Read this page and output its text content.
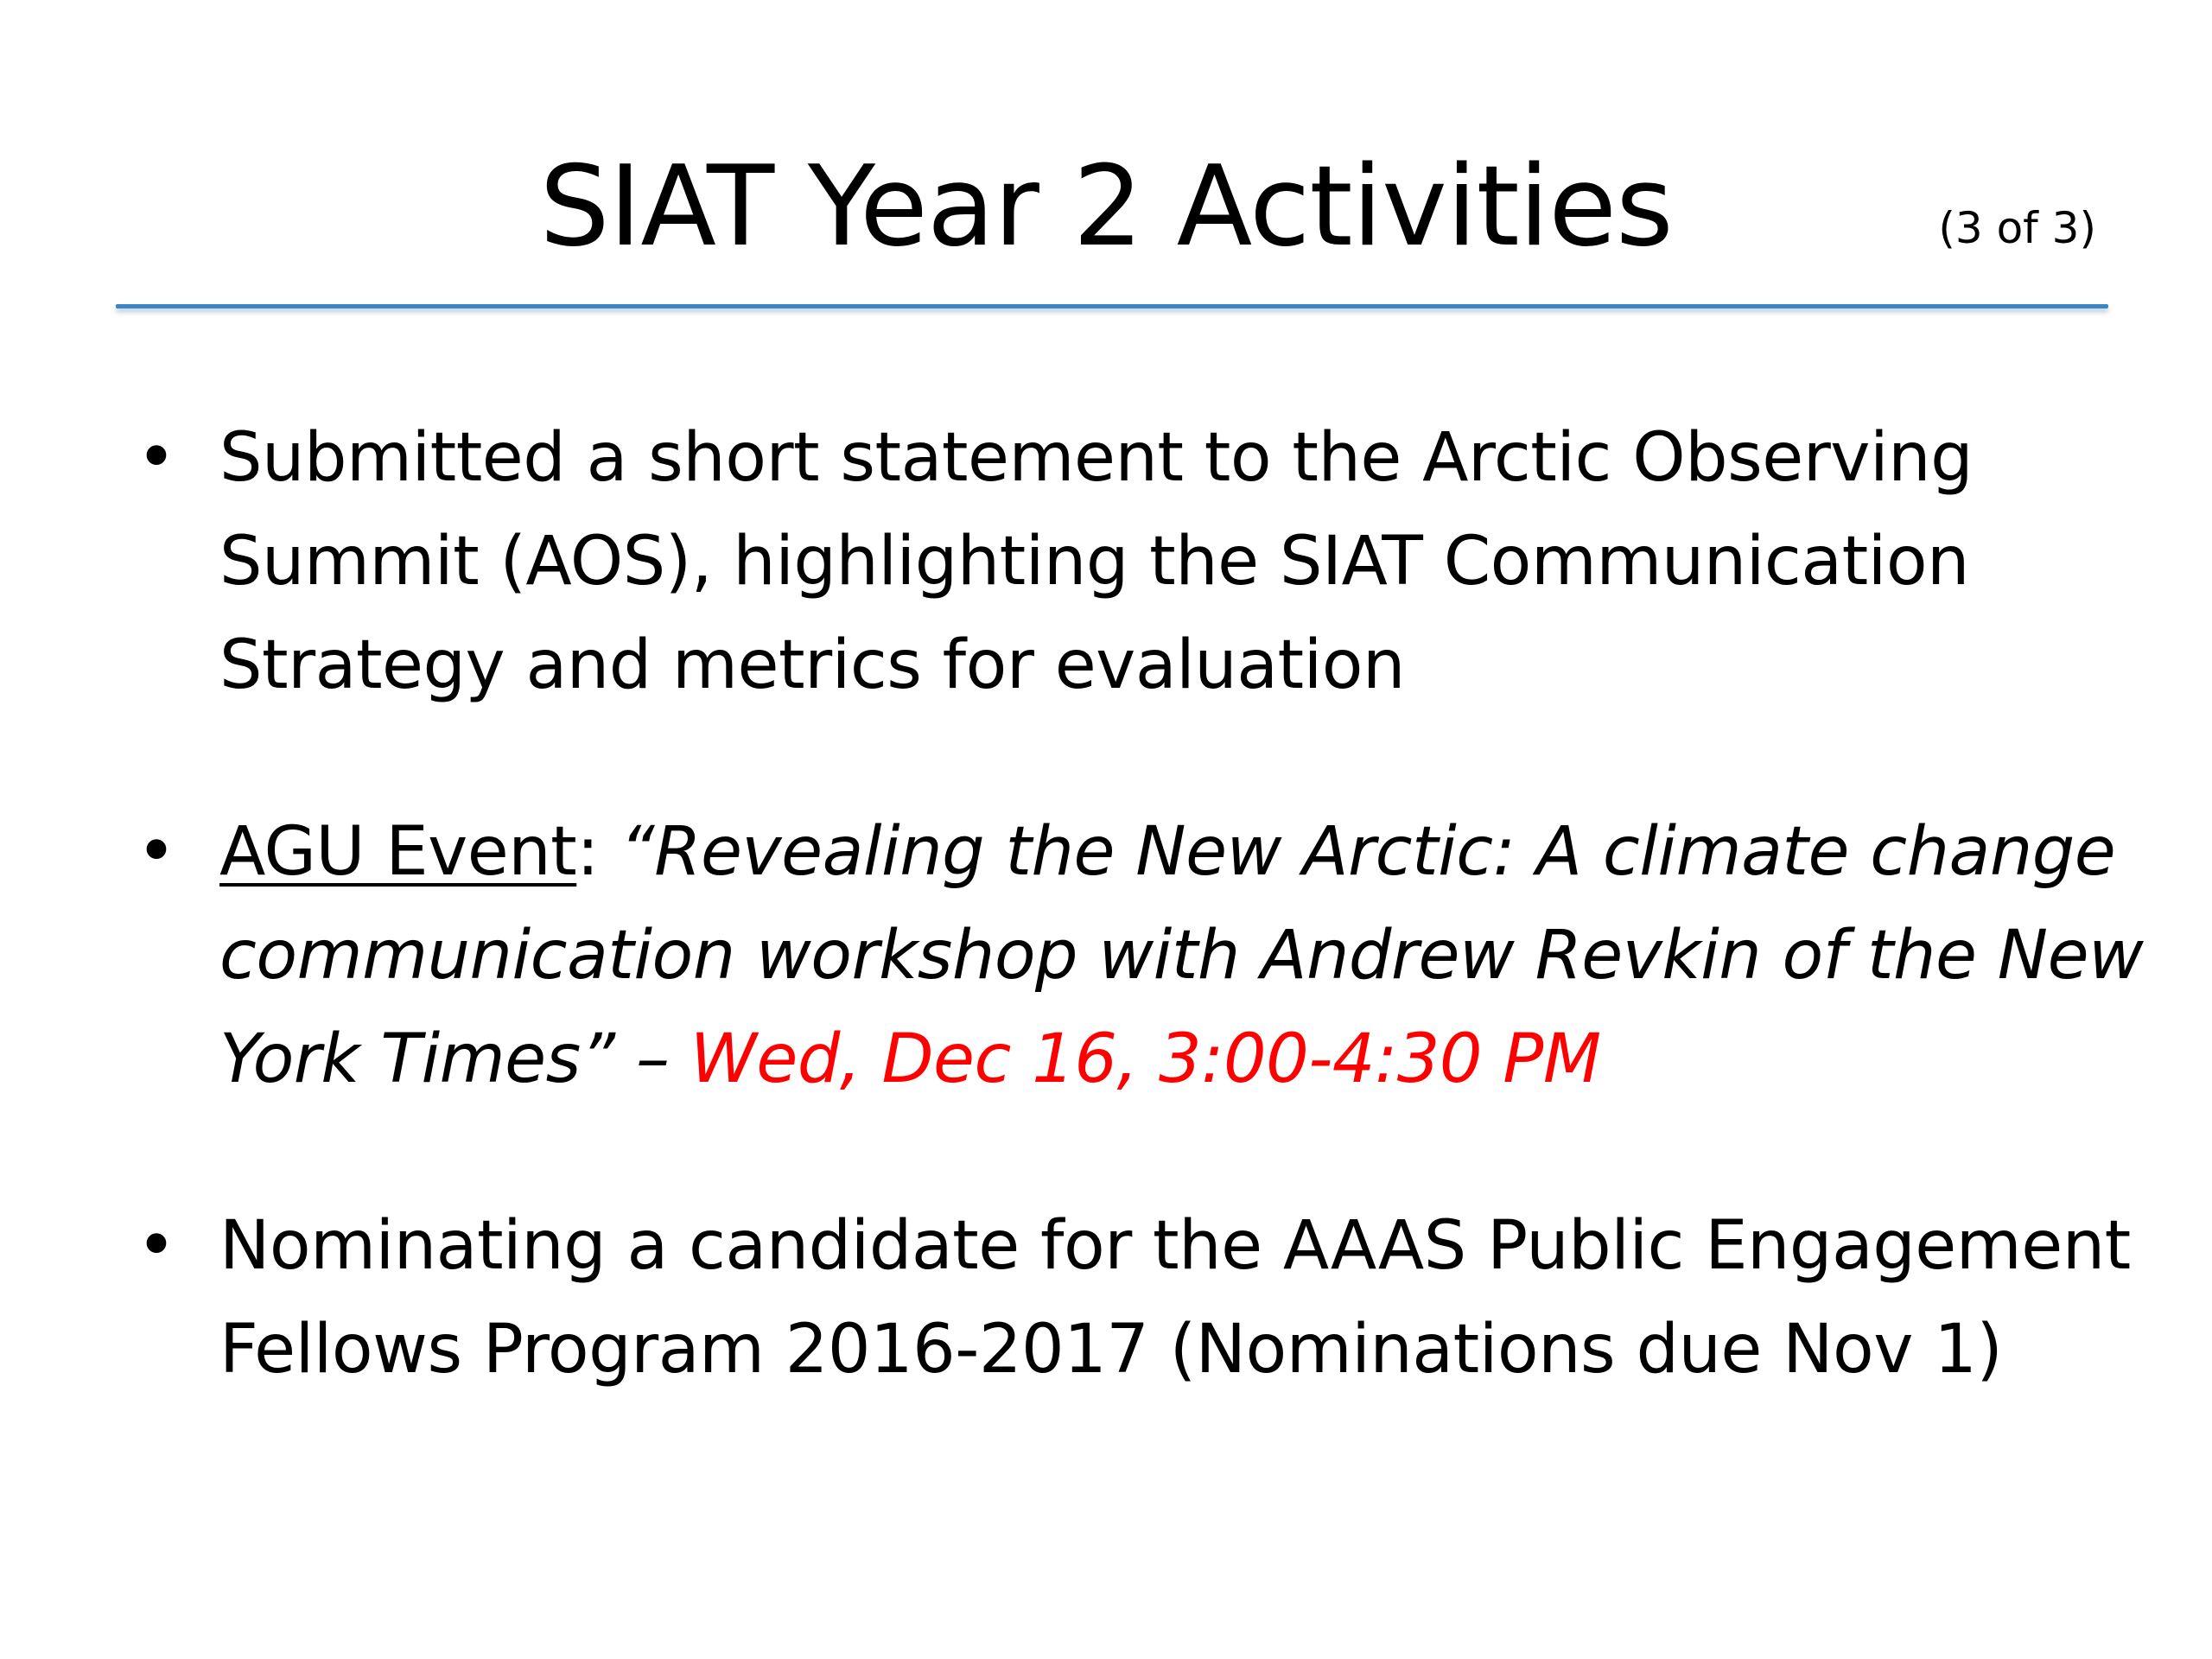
SIAT Year 2 Activities	(3 of 3)
• Submitted a short statement to the Arctic Observing Summit (AOS), highlighting the SIAT Communication Strategy and metrics for evaluation
• AGU Event: “Revealing the New Arctic: A climate change communication workshop with Andrew Revkin of the New York Times” – Wed, Dec 16, 3:00-4:30 PM
• Nominating a candidate for the AAAS Public Engagement Fellows Program 2016-2017 (Nominations due Nov 1)
